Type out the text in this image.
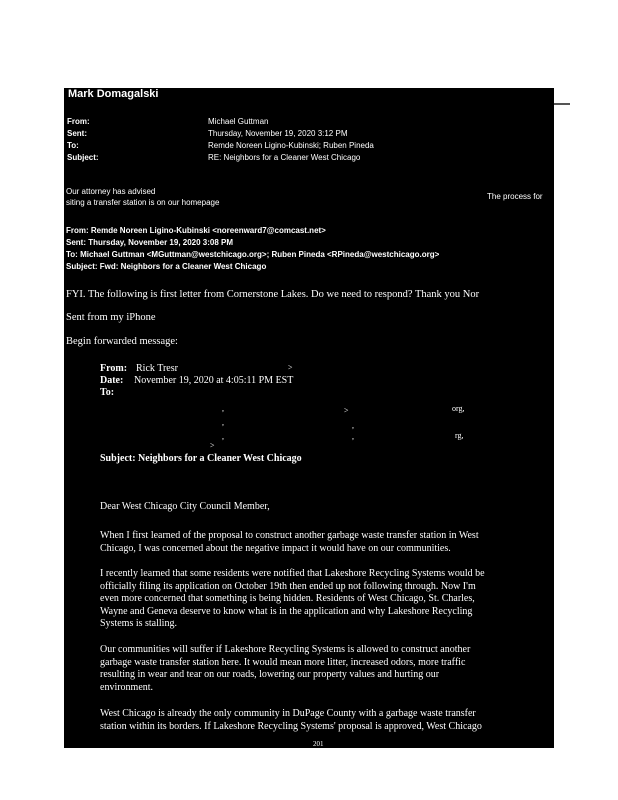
Mark Domagalski
From:	Michael Guttman
Sent:	Thursday, November 19, 2020 3:12 PM
To:	Remde Noreen Ligino-Kubinski; Ruben Pineda
Subject:	RE: Neighbors for a Cleaner West Chicago
Our attorney has advised
siting a transfer station is on our homepage
The process for
From: Remde Noreen Ligino-Kubinski <noreenward7@comcast.net>
Sent: Thursday, November 19, 2020 3:08 PM
To: Michael Guttman <MGuttman@westchicago.org>; Ruben Pineda <RPineda@westchicago.org>
Subject: Fwd: Neighbors for a Cleaner West Chicago
FYI. The following is first letter from Cornerstone Lakes. Do we need to respond? Thank you Nor
Sent from my iPhone
Begin forwarded message:
From: Rick Tresr	>
Date: November 19, 2020 at 4:05:11 PM EST
To:
,	>	org,
,	,
,	,	rg,
>
Subject: Neighbors for a Cleaner West Chicago
Dear West Chicago City Council Member,
When I first learned of the proposal to construct another garbage waste transfer station in West
Chicago, I was concerned about the negative impact it would have on our communities.
I recently learned that some residents were notified that Lakeshore Recycling Systems would be
officially filing its application on October 19th then ended up not following through. Now I'm
even more concerned that something is being hidden. Residents of West Chicago, St. Charles,
Wayne and Geneva deserve to know what is in the application and why Lakeshore Recycling
Systems is stalling.
Our communities will suffer if Lakeshore Recycling Systems is allowed to construct another
garbage waste transfer station here. It would mean more litter, increased odors, more traffic
resulting in wear and tear on our roads, lowering our property values and hurting our
environment.
West Chicago is already the only community in DuPage County with a garbage waste transfer
station within its borders. If Lakeshore Recycling Systems' proposal is approved, West Chicago
201
